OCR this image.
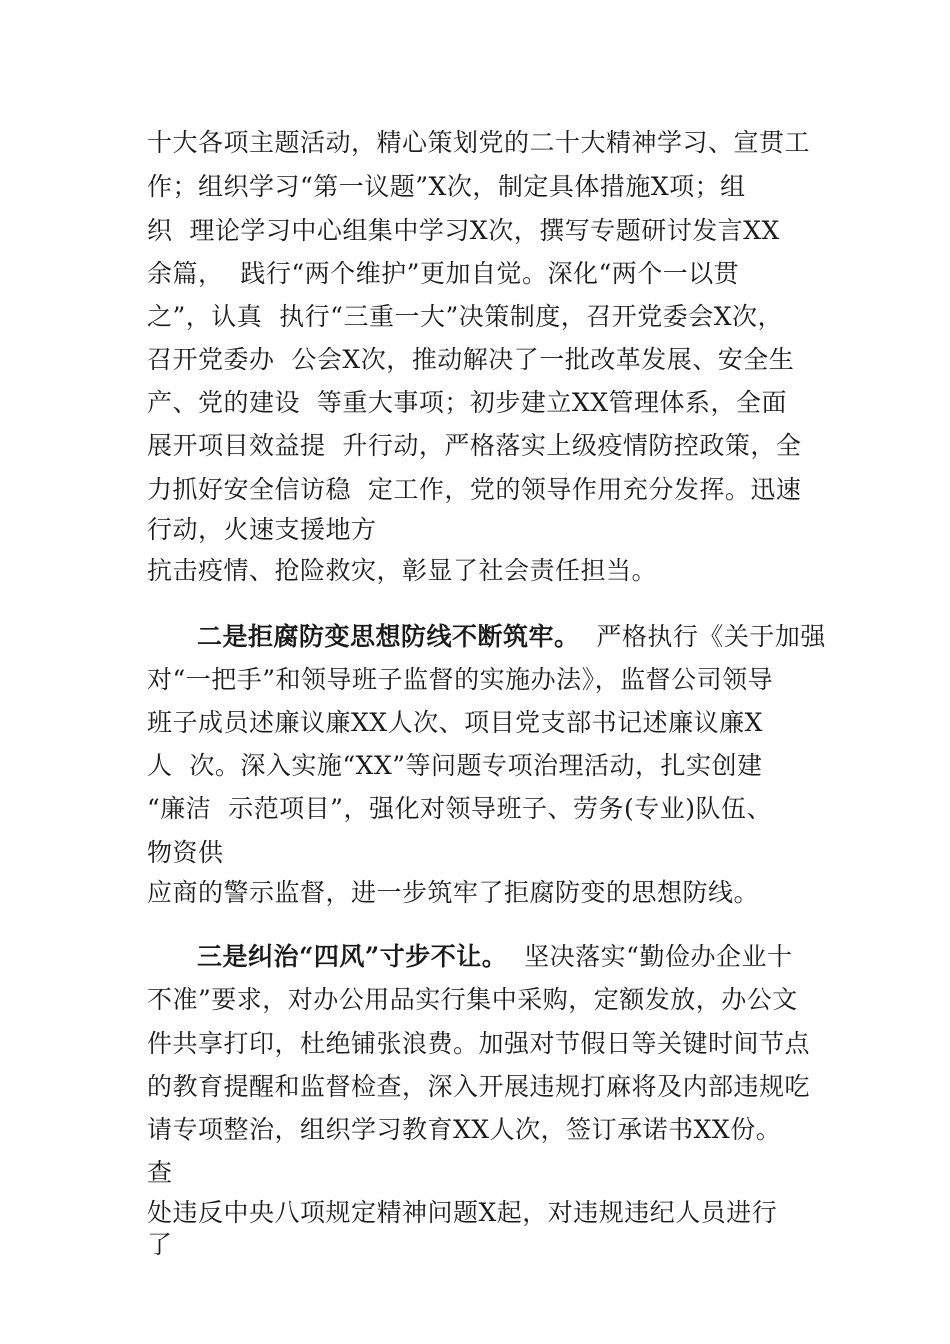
十大各项主题活动，精心策划党的二十大精神学习、宣贯工
作；组织学习“第一议题”X次，制定具体措施X项；组
织  理论学习中心组集中学习X次，撰写专题研讨发言XX
余篇，  践行“两个维护”更加自觉。深化“两个一以贯
之”，认真  执行“三重一大”决策制度，召开党委会X次，
召开党委办  公会X次，推动解决了一批改革发展、安全生
产、党的建设  等重大事项；初步建立XX管理体系，全面
展开项目效益提  升行动，严格落实上级疫情防控政策，全
力抓好安全信访稳  定工作，党的领导作用充分发挥。迅速
行动，火速支援地方
抗击疫情、抢险救灾，彰显了社会责任担当。
二是拒腐防变思想防线不断筑牢。  严格执行《关于加强
对“一把手”和领导班子监督的实施办法》，监督公司领导
班子成员述廉议廉XX人次、项目党支部书记述廉议廉X
人  次。深入实施“XX”等问题专项治理活动，扎实创建
“廉洁  示范项目”，强化对领导班子、劳务(专业)队伍、
物资供
应商的警示监督，进一步筑牢了拒腐防变的思想防线。
三是纠治“四风”寸步不让。  坚决落实“勤俭办企业十
不准”要求，对办公用品实行集中采购，定额发放，办公文
件共享打印，杜绝铺张浪费。加强对节假日等关键时间节点
的教育提醒和监督检查，深入开展违规打麻将及内部违规吃
请专项整治，组织学习教育XX人次，签订承诺书XX份。
查
处违反中央八项规定精神问题X起，对违规违纪人员进行
了
